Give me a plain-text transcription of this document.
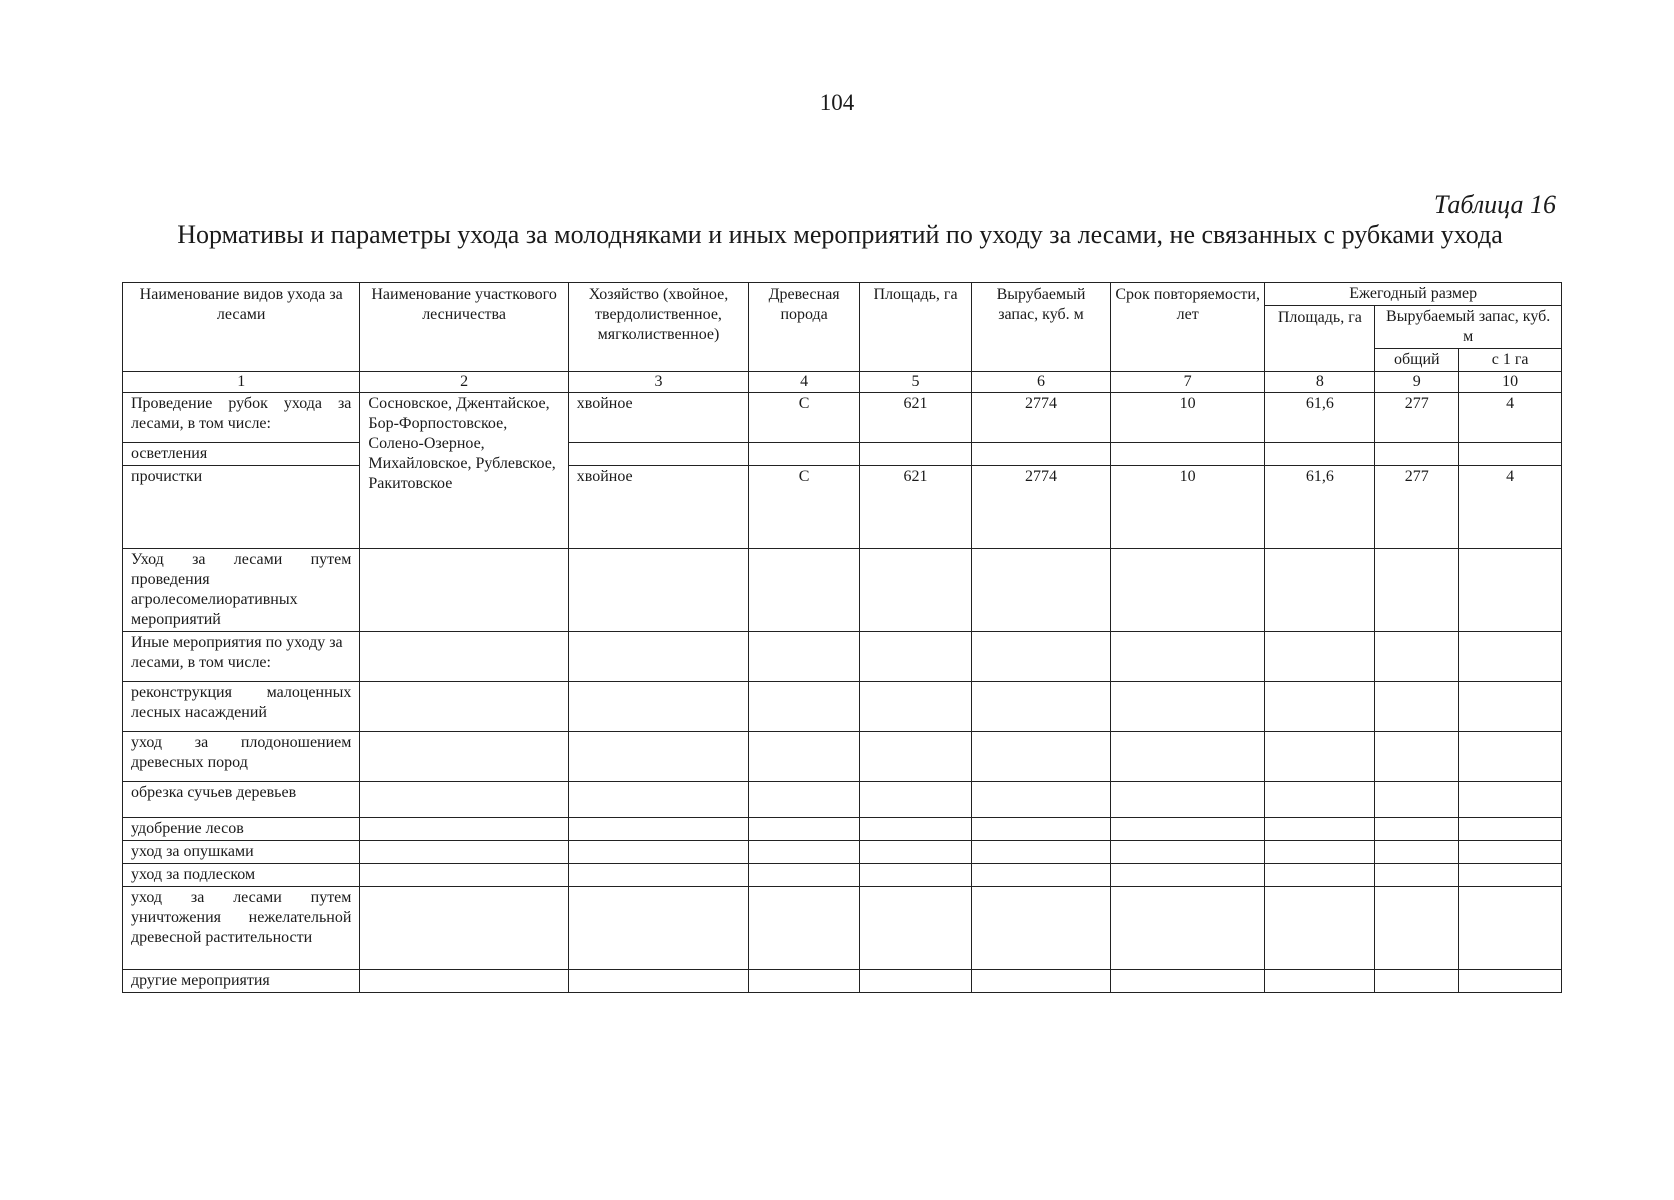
104
Таблица 16
Нормативы и параметры ухода за молодняками и иных мероприятий по уходу за лесами, не связанных с рубками ухода
Наименование видов ухода за лесами	Наименование участкового лесничества	Хозяйство (хвойное, твердолиственное, мягколиственное)	Древесная порода	Площадь, га	Вырубаемый запас, куб. м	Срок повторяемости, лет	Ежегодный размер		
							Площадь, га	Вырубаемый запас, куб. м	
								общий	с 1 га
1	2	3	4	5	6	7	8	9	10
Проведение рубок ухода за лесами, в том числе:	Сосновское, Джентайское, Бор-Форпостовское, Солено-Озерное, Михайловское, Рублевское, Ракитовское	хвойное	С	621	2774	10	61,6	277	4
осветления									
прочистки		хвойное	С	621	2774	10	61,6	277	4
Уход за лесами путем проведения агролесомелиоративных мероприятий									
Иные мероприятия по уходу за лесами, в том числе:									
реконструкция малоценных лесных насаждений									
уход за плодоношением древесных пород									
обрезка сучьев деревьев									
удобрение лесов									
уход за опушками									
уход за подлеском									
уход за лесами путем уничтожения нежелательной древесной растительности									
другие мероприятия									
